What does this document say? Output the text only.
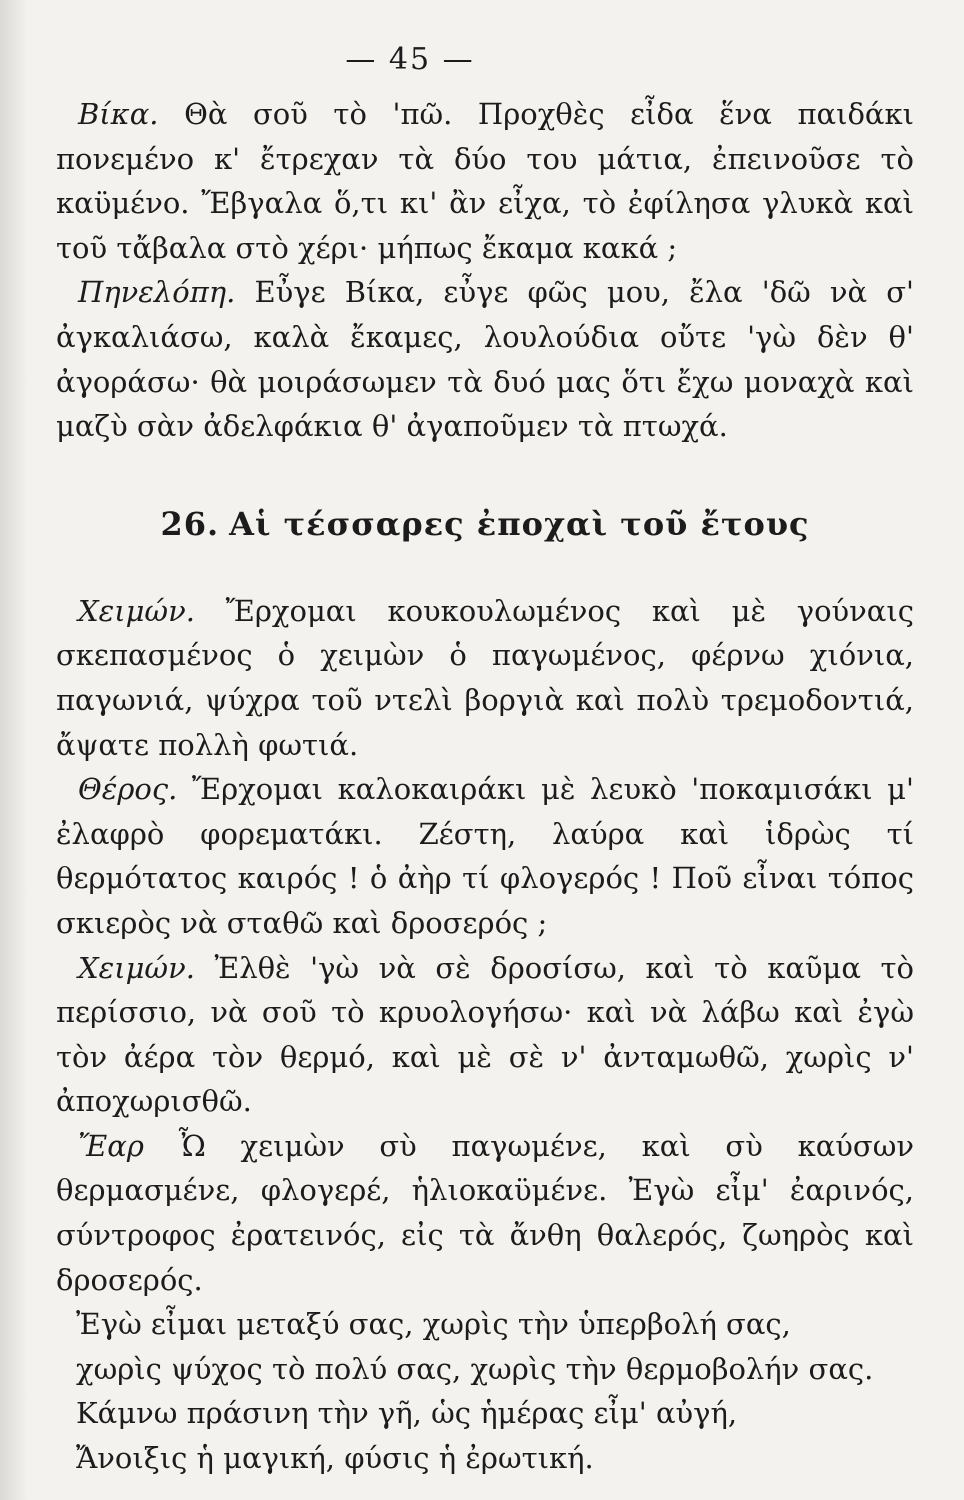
— 45 —

Βίκα. Θὰ σοῦ τὸ 'πῶ. Προχθὲς εἶδα ἕνα παιδάκι πονεμένο κ' ἔτρεχαν τὰ δύο του μάτια, ἐπεινοῦσε τὸ καϋμένο. Ἔβγαλα ὅ,τι κι' ἂν εἶχα, τὸ ἐφίλησα γλυκὰ καὶ τοῦ τἄβαλα στὸ χέρι· μήπως ἔκαμα κακά ;

Πηνελόπη. Εὖγε Βίκα, εὖγε φῶς μου, ἔλα 'δῶ νὰ σ' ἀγκαλιάσω, καλὰ ἔκαμες, λουλούδια οὔτε 'γὼ δὲν θ' ἀγοράσω· θὰ μοιράσωμεν τὰ δυό μας ὅτι ἔχω μοναχὰ καὶ μαζὺ σὰν ἀδελφάκια θ' ἀγαποῦμεν τὰ πτωχά.

26. Αἱ τέσσαρες ἐποχαὶ τοῦ ἔτους

Χειμών. Ἔρχομαι κουκουλωμένος καὶ μὲ γούναις σκεπασμένος ὁ χειμὼν ὁ παγωμένος, φέρνω χιόνια, παγωνιά, ψύχρα τοῦ ντελὶ βοργιὰ καὶ πολὺ τρεμοδοντιά, ἄψατε πολλὴ φωτιά.

Θέρος. Ἔρχομαι καλοκαιράκι μὲ λευκὸ 'ποκαμισάκι μ' ἐλαφρὸ φορεματάκι. Ζέστη, λαύρα καὶ ἱδρὼς τί θερμότατος καιρός ! ὁ ἀὴρ τί φλογερός ! Ποῦ εἶναι τόπος σκιερὸς νὰ σταθῶ καὶ δροσερός ;

Χειμών. Ἐλθὲ 'γὼ νὰ σὲ δροσίσω, καὶ τὸ καῦμα τὸ περίσσιο, νὰ σοῦ τὸ κρυολογήσω· καὶ νὰ λάβω καὶ ἐγὼ τὸν ἀέρα τὸν θερμό, καὶ μὲ σὲ ν' ἀνταμωθῶ, χωρὶς ν' ἀποχωρισθῶ.

Ἔαρ Ὦ χειμὼν σὺ παγωμένε, καὶ σὺ καύσων θερμασμένε, φλογερέ, ἡλιοκαϋμένε. Ἐγὼ εἶμ' ἐαρινός, σύντροφος ἐρατεινός, εἰς τὰ ἄνθη θαλερός, ζωηρὸς καὶ δροσερός.

Ἐγὼ εἶμαι μεταξύ σας, χωρὶς τὴν ὑπερβολή σας,

χωρὶς ψύχος τὸ πολύ σας, χωρὶς τὴν θερμοβολήν σας.

Κάμνω πράσινη τὴν γῆ, ὡς ἡμέρας εἶμ' αὐγή,

Ἄνοιξις ἡ μαγική, φύσις ἡ ἐρωτική.
